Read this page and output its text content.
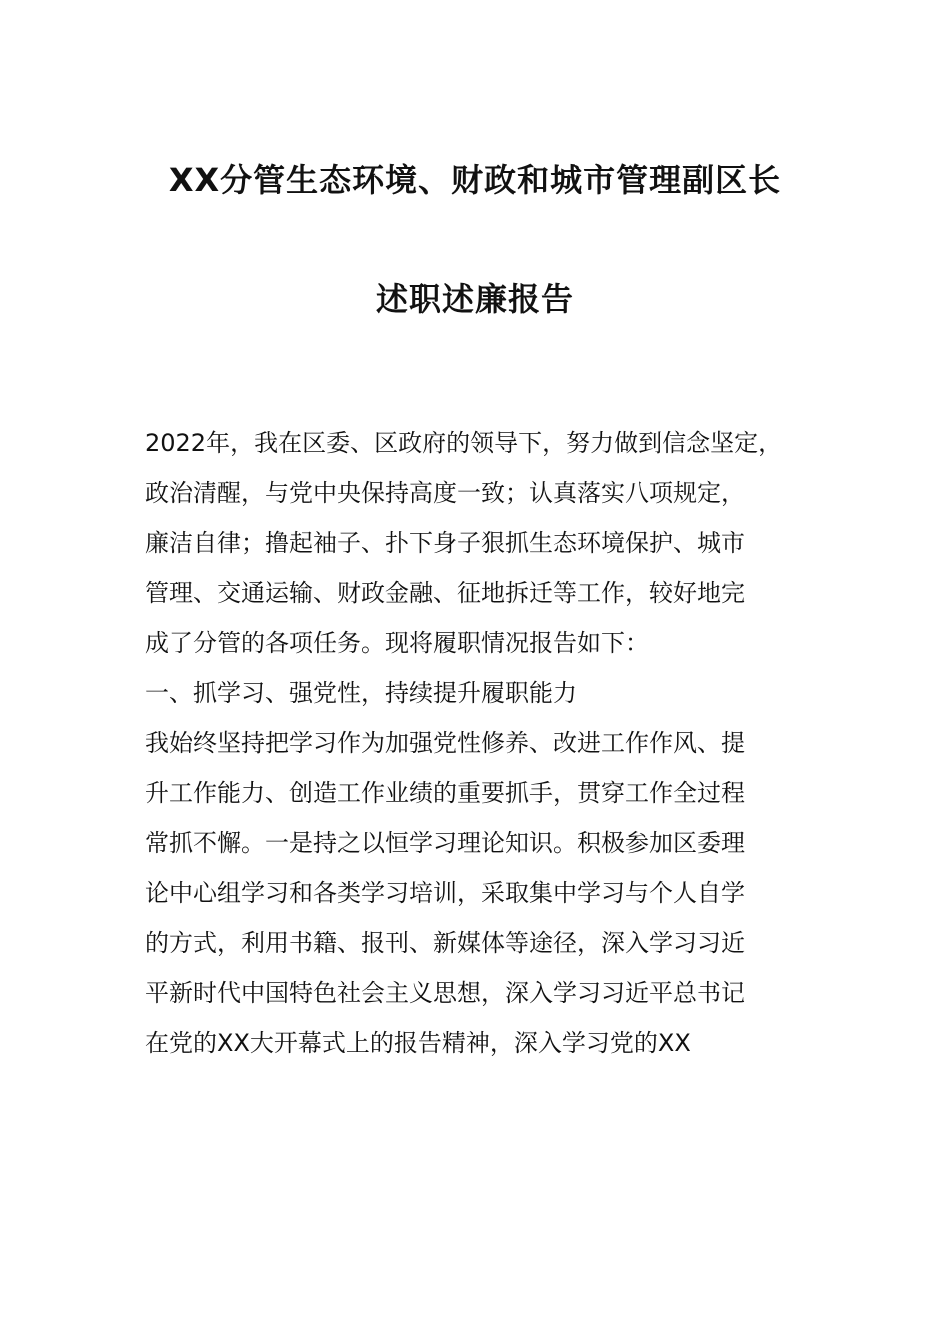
XX分管生态环境、财政和城市管理副区长
述职述廉报告
2022年，我在区委、区政府的领导下，努力做到信念坚定，
政治清醒，与党中央保持高度一致；认真落实八项规定，
廉洁自律；撸起袖子、扑下身子狠抓生态环境保护、城市
管理、交通运输、财政金融、征地拆迁等工作，较好地完
成了分管的各项任务。现将履职情况报告如下：
一、抓学习、强党性，持续提升履职能力
我始终坚持把学习作为加强党性修养、改进工作作风、提
升工作能力、创造工作业绩的重要抓手，贯穿工作全过程
常抓不懈。一是持之以恒学习理论知识。积极参加区委理
论中心组学习和各类学习培训，采取集中学习与个人自学
的方式，利用书籍、报刊、新媒体等途径，深入学习习近
平新时代中国特色社会主义思想，深入学习习近平总书记
在党的XX大开幕式上的报告精神，深入学习党的XX
